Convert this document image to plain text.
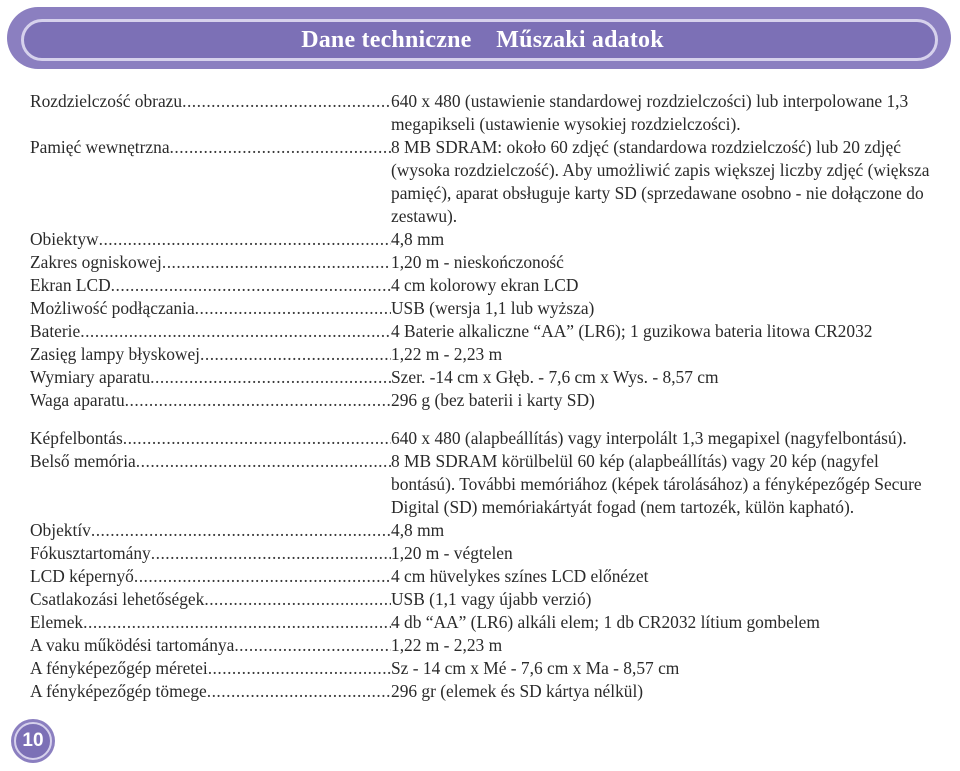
Dane techniczne    Műszaki adatok
Rozdzielczość obrazu .....	640 x 480 (ustawienie standardowej rozdzielczości) lub interpolowane 1,3 megapikseli (ustawienie wysokiej rozdzielczości).
Pamięć wewnętrzna .....	8 MB SDRAM: około 60 zdjęć (standardowa rozdzielczość) lub 20 zdjęć (wysoka rozdzielczość). Aby umożliwić zapis większej liczby zdjęć (większa pamięć), aparat obsługuje karty SD (sprzedawane osobno - nie dołączone do zestawu).
Obiektyw .....	4,8 mm
Zakres ogniskowej .....	1,20 m - nieskończoność
Ekran LCD .....	4 cm kolorowy ekran LCD
Możliwość podłączania .....	USB (wersja 1,1 lub wyższa)
Baterie .....	4 Baterie alkaliczne “AA” (LR6); 1 guzikowa bateria litowa CR2032
Zasięg lampy błyskowej .....	1,22 m - 2,23 m
Wymiary aparatu .....	Szer. -14 cm x Głęb. - 7,6 cm x Wys. - 8,57 cm
Waga aparatu .....	296 g (bez baterii i karty SD)
Képfelbontás .....	640 x 480 (alapbeállítás) vagy interpolált 1,3 megapixel (nagyfelbontású).
Belső memória .....	8 MB SDRAM körülbelül 60 kép (alapbeállítás) vagy 20 kép (nagyfel bontású). További memóriához (képek tárolásához) a fényképezőgép Secure Digital (SD) memóriakártyát fogad (nem tartozék, külön kapható).
Objektív .....	4,8 mm
Fókusztartomány .....	1,20 m - végtelen
LCD képernyő .....	4 cm hüvelykes színes LCD előnézet
Csatlakozási lehetőségek .....	USB (1,1 vagy újabb verzió)
Elemek .....	4 db “AA” (LR6) alkáli elem; 1 db CR2032 lítium gombelem
A vaku működési tartománya .....	1,22 m - 2,23 m
A fényképezőgép méretei .....	Sz - 14 cm x Mé - 7,6 cm x Ma - 8,57 cm
A fényképezőgép tömege .....	296 gr (elemek és SD kártya nélkül)
10
